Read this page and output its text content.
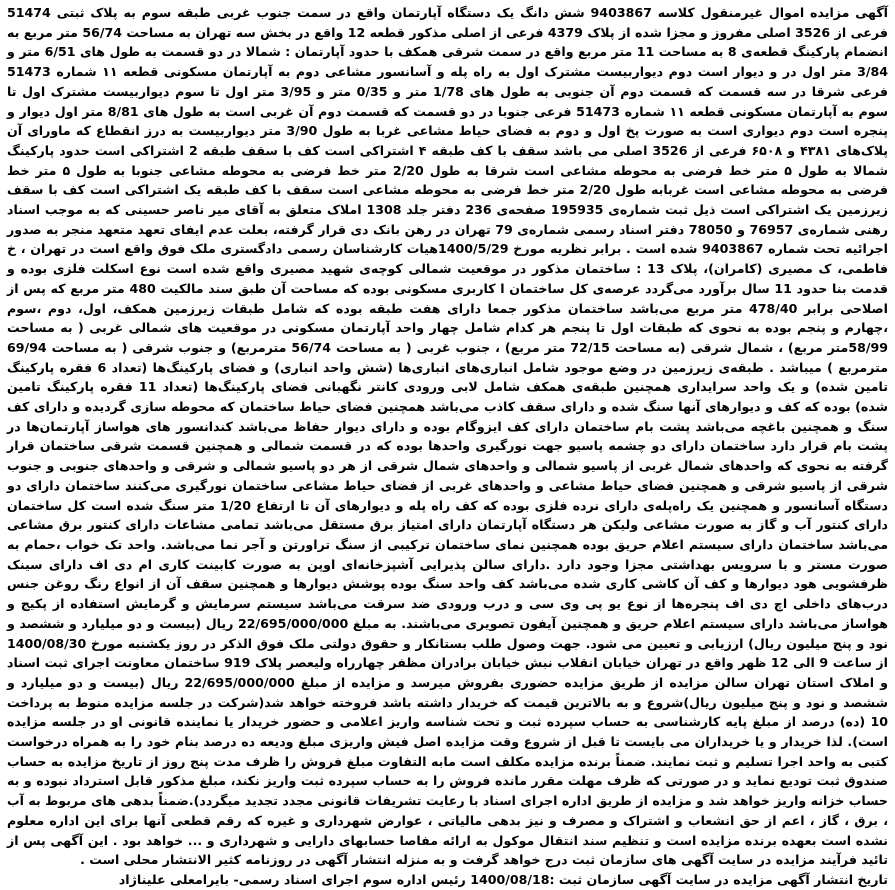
آگهی مزایده اموال غیرمنقول کلاسه 9403867 شش دانگ یک دستگاه آپارتمان واقع در سمت جنوب غربی طبقه سوم به پلاک ثبتی 51474 فرعی از 3526 اصلی مفروز و مجزا شده از پلاک 4379 فرعی از اصلی مذکور قطعه 12 واقع در بخش سه تهران به مساحت 56/74 متر مربع به انضمام پارکینگ قطعه‌ی 8 به مساحت 11 متر مربع واقع در سمت شرقی همکف با حدود آپارتمان : شمالا در دو قسمت به طول های 6/51 متر و 3/84 متر اول در و دیوار است دوم دیواربیست مشترک اول به راه پله و آسانسور مشاعی دوم به آپارتمان مسکونی قطعه ۱۱ شماره 51473 فرعی شرقا در سه قسمت که قسمت دوم آن جنوبی به طول های 1/78 متر و 0/35 متر و 3/95 متر اول تا سوم دیواربیست مشترک اول تا سوم به آپارتمان مسکونی قطعه ۱۱ شماره 51473 فرعی جنوبا در دو قسمت که قسمت دوم آن غربی است به طول های 8/81 متر اول دیوار و پنجره است دوم دیواری است به صورت پخ اول و دوم به فضای حیاط مشاعی غربا به طول 3/90 متر دیواربیست به درز انقطاع که ماورای آن پلاک‌های ۴۳۸۱ و ۶۵۰۸ فرعی از 3526 اصلی می باشد سقف با کف طبقه ۴ اشتراکی است کف با سقف طبقه 2 اشتراکی است حدود پارکینگ شمالا به طول ۵ متر خط فرضی به محوطه مشاعی است شرقا به طول 2/20 متر خط فرضی به محوطه مشاعی جنوبا به طول ۵ متر خط فرضی به محوطه مشاعی است غربابه طول 2/20 متر خط فرضی به محوطه مشاعی است سقف با کف طبقه یک اشتراکی است کف با سقف زیرزمین یک اشتراکی است ذیل ثبت شماره‌ی 195935 صفحه‌ی 236 دفتر جلد 1308 املاک متعلق به آقای میر ناصر حسینی که به موجب اسناد رهنی شماره‌ی 76957 و 78050 دفتر اسناد رسمی شماره‌ی 79 تهران در رهن بانک دی قرار گرفته، بعلت عدم ایفای تعهد متعهد منجر به صدور اجرائیه تحت شماره 9403867 شده است . برابر نظریه مورخ 1400/5/29هیات کارشناسان رسمی دادگستری ملک فوق واقع است در تهران ، خ فاطمی، ک مصیری (کامران)، پلاک 13 : ساختمان مذکور در موقعیت شمالی کوچه‌ی شهید مصیری واقع شده است نوع اسکلت فلزی بوده و قدمت بنا حدود 11 سال برآورد می‌گردد عرصه‌ی کل ساختمان ا کاربری مسکونی بوده که مساحت آن طبق سند مالکیت 480 متر مربع که پس از اصلاحی برابر 478/40 متر مربع می‌باشد ساختمان مذکور جمعا دارای هفت طبقه بوده که شامل طبقات زیرزمین همکف، اول، دوم ،سوم ،چهارم و پنجم بوده به نحوی که طبقات اول تا پنجم هر کدام شامل چهار واحد آپارتمان مسکونی در موقعیت های شمالی غربی ( به مساحت 58/99متر مربع) ، شمال شرقی (به مساحت 72/15 متر مربع) ، جنوب غربی ( به مساحت 56/74 مترمربع) و جنوب شرقی ( به مساحت 69/94 مترمربع ) میباشد . طبقه‌ی زیرزمین در وضع موجود شامل انباری‌های انباری‌ها (شش واحد انباری) و فضای پارکینگ‌ها (تعداد 6 فقره پارکینگ تامین شده) و یک واحد سرایداری همچنین طبقه‌ی همکف شامل لابی ورودی کانتر نگهبانی فضای پارکینگ‌ها (تعداد 11 فقره پارکینگ تامین شده) بوده که کف و دیوارهای آنها سنگ شده و دارای سقف کاذب می‌باشد همچنین فضای حیاط ساختمان که محوطه سازی گردیده و دارای کف سنگ و همچنین باغچه می‌باشد پشت بام ساختمان دارای کف ایزوگام بوده و دارای دیوار حفاظ می‌باشد کندانسور های هواساز آپارتمان‌ها در پشت بام قرار دارد ساختمان دارای دو چشمه پاسیو جهت نورگیری واحدها بوده که در قسمت شمالی و همچنین قسمت شرقی ساختمان قرار گرفته به نحوی که واحدهای شمال غربی از پاسیو شمالی و واحدهای شمال شرقی از هر دو پاسیو شمالی و شرقی و واحدهای جنوبی و جنوب شرقی از پاسیو شرقی و همچنین فضای حیاط مشاعی و واحدهای غربی از فضای حیاط مشاعی ساختمان نورگیری می‌کنند ساختمان دارای دو دستگاه آسانسور و همچنین یک راه‌پله‌ی دارای نرده فلزی بوده که کف راه پله و دیوارهای آن تا ارتفاع 1/20 متر سنگ شده است کل ساختمان دارای کنتور آب و گاز به صورت مشاعی ولیکن هر دستگاه آپارتمان دارای امتیاز برق مستقل می‌باشد تمامی مشاعات دارای کنتور برق مشاعی می‌باشد ساختمان دارای سیستم اعلام حریق بوده همچنین نمای ساختمان ترکیبی از سنگ تراورتن و آجر نما می‌باشد. واحد تک خواب ،حمام به صورت مستر و با سرویس بهداشتی مجزا وجود دارد .دارای سالن پذیرایی آشپزخانه‌ای اوپن به صورت کابینت کاری ام دی اف دارای سینک ظرفشویی هود دیوارها و کف آن کاشی کاری شده می‌باشد کف واحد سنگ بوده پوشش دیوارها و همچنین سقف آن از انواع رنگ روغن جنس درب‌های داخلی اچ دی اف پنجره‌ها از نوع یو پی وی سی و درب ورودی ضد سرقت می‌باشد سیستم سرمایش و گرمایش استفاده از پکیج و هواساز می‌باشد دارای سیستم اعلام حریق و همچنین آیفون تصویری می‌باشند. به مبلغ 22/695/000/000 ریال (بیست و دو میلیارد و ششصد و نود و پنج میلیون ریال) ارزیابی و تعیین می شود. جهت وصول طلب بستانکار و حقوق دولتی ملک فوق الذکر در روز یکشنبه مورخ 1400/08/30 از ساعت 9 الی 12 ظهر واقع در تهران خیابان انقلاب نبش خیابان برادران مظفر چهارراه ولیعصر پلاک 919 ساختمان معاونت اجرای ثبت اسناد و املاک استان تهران سالن مزایده از طریق مزایده حضوری بفروش میرسد و مزایده از مبلغ 22/695/000/000 ریال (بیست و دو میلیارد و ششصد و نود و پنج میلیون ریال)شروع و به بالاترین قیمت که خریدار داشته باشد فروخته خواهد شد(شرکت در جلسه مزایده منوط به پرداخت 10 (ده) درصد از مبلغ پایه کارشناسی به حساب سپرده ثبت و تحت شناسه واریز اعلامی و حضور خریدار یا نماینده قانونی او در جلسه مزایده است). لذا خریدار و یا خریداران می بایست تا قبل از شروع وقت مزایده اصل فیش واریزی مبلغ ودیعه ده درصد بنام خود را به همراه درخواست کتبی به واحد اجرا تسلیم و ثبت نمایند. ضمناً برنده مزایده مکلف است مابه التفاوت مبلغ فروش را ظرف مدت پنج روز از تاریخ مزایده به حساب صندوق ثبت تودیع نماید و در صورتی که ظرف مهلت مقرر مانده فروش را به حساب سپرده ثبت واریز نکند، مبلغ مذکور قابل استرداد نبوده و به حساب خزانه واریز خواهد شد و مزایده از طریق اداره اجرای اسناد با رعایت تشریفات قانونی مجدد تجدید میگردد).ضمناً بدهی های مربوط به آب ، برق ، گاز ، اعم از حق انشعاب و اشتراک و مصرف و نیز بدهی مالیاتی ، عوارض شهرداری و غیره که رقم قطعی آنها برای این اداره معلوم نشده است بعهده برنده مزایده است و تنظیم سند انتقال موکول به ارائه مفاصا حسابهای دارایی و شهرداری و ... خواهد بود . این آگهی پس از تائید فرآیند مزایده در سایت آگهی های سازمان ثبت درج خواهد گرفت و به منزله انتشار آگهی در روزنامه کثیر الانتشار محلی است .

تاریخ انتشار آگهی مزایده در سایت آگهی سازمان ثبت :1400/08/18 رئیس اداره سوم اجرای اسناد رسمی- بایرامعلی علیناژاد
